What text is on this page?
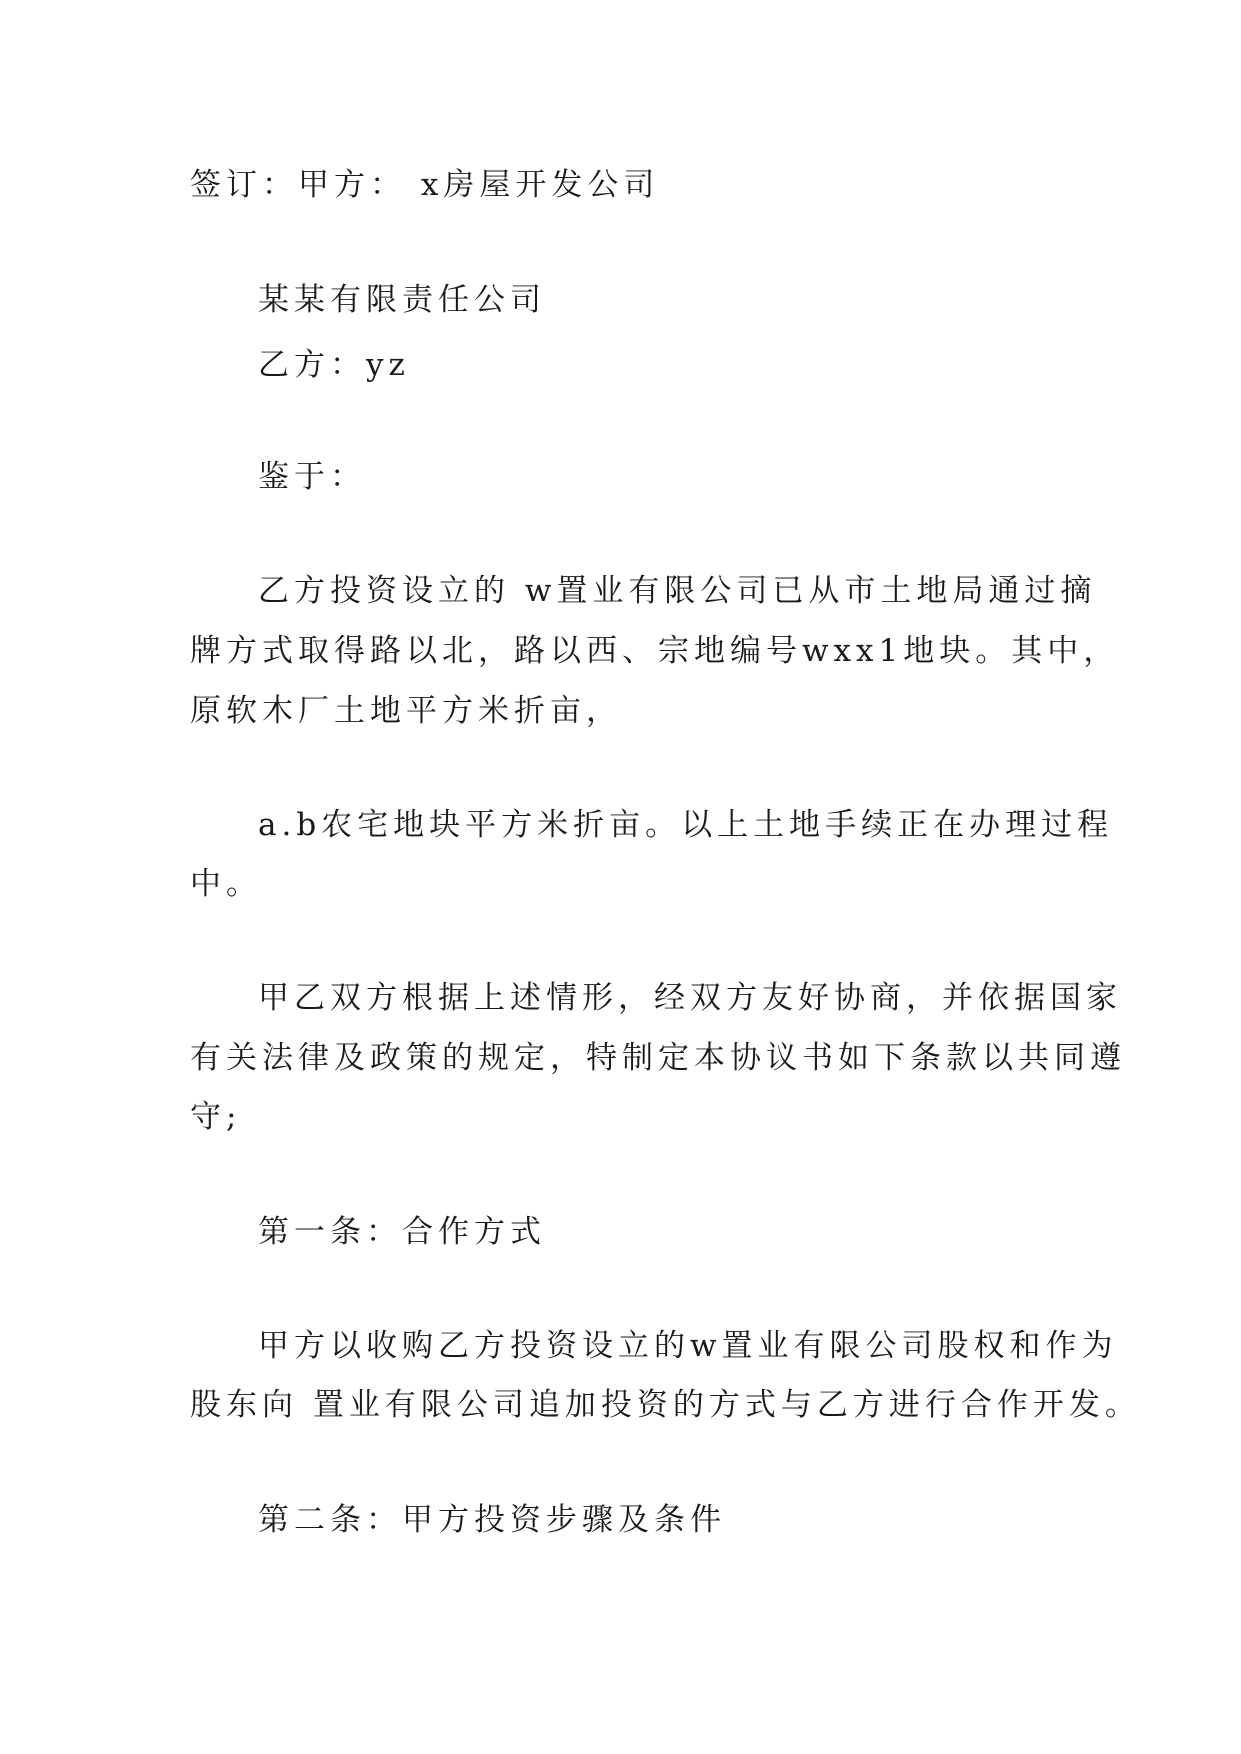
签订：甲方： x房屋开发公司
某某有限责任公司
乙方：yz
鉴于：
乙方投资设立的 w置业有限公司已从市土地局通过摘
牌方式取得路以北，路以西、宗地编号wxx1地块。其中，
原软木厂土地平方米折亩，
a.b农宅地块平方米折亩。以上土地手续正在办理过程
中。
甲乙双方根据上述情形，经双方友好协商，并依据国家
有关法律及政策的规定，特制定本协议书如下条款以共同遵
守;
第一条：合作方式
甲方以收购乙方投资设立的w置业有限公司股权和作为
股东向 置业有限公司追加投资的方式与乙方进行合作开发。
第二条：甲方投资步骤及条件
